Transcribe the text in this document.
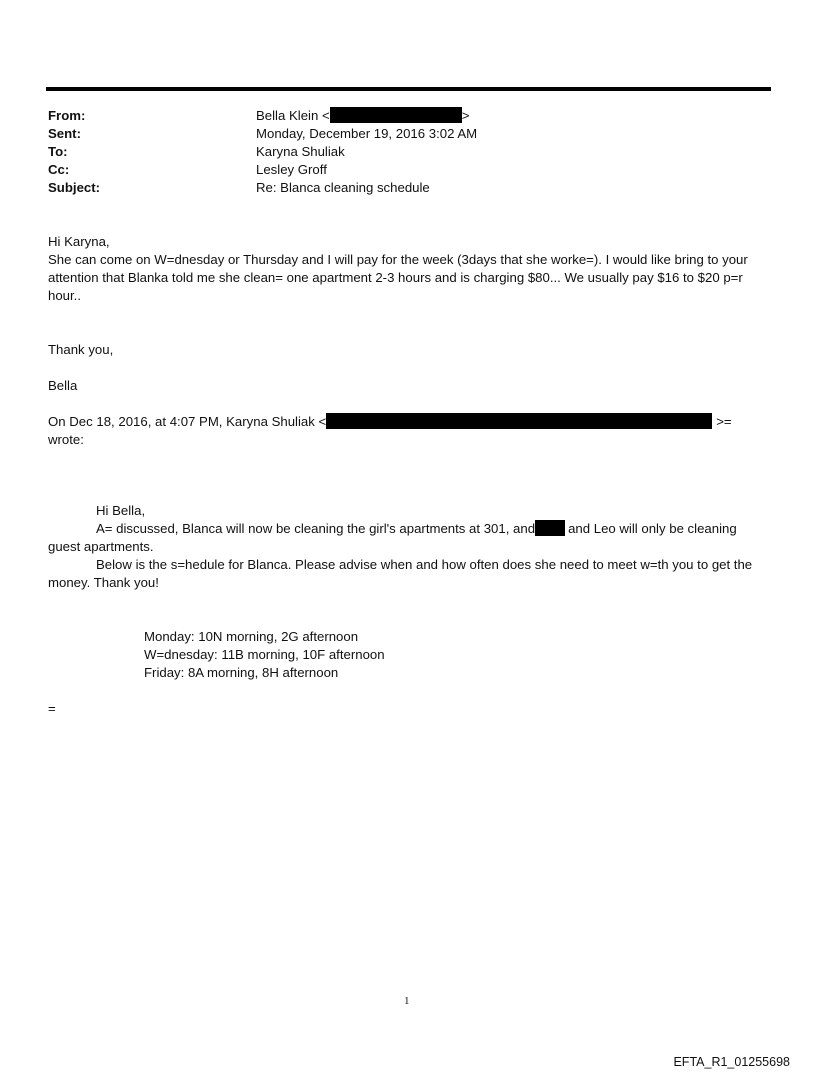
From:	Bella Klein <	>
Sent:	Monday, December 19, 2016 3:02 AM
To:	Karyna Shuliak
Cc:	Lesley Groff
Subject:	Re: Blanca cleaning schedule
Hi Karyna,
She can come on W=dnesday or Thursday and I will pay for the week (3days that she worke=). I would like bring to your
attention that Blanka told me she clean= one apartment 2-3 hours and is charging $80... We usually pay $16 to $20 p=r
hour..
Thank you,
Bella
On Dec 18, 2016, at 4:07 PM, Karyna Shuliak <	>=
wrote:
Hi Bella,
A= discussed, Blanca will now be cleaning the girl's apartments at 301, and	and Leo will only be cleaning
guest apartments.
Below is the s=hedule for Blanca. Please advise when and how often does she need to meet w=th you to get the
money. Thank you!
Monday: 10N morning, 2G afternoon
W=dnesday: 11B morning, 10F afternoon
Friday: 8A morning, 8H afternoon
=
1
EFTA_R1_01255698
